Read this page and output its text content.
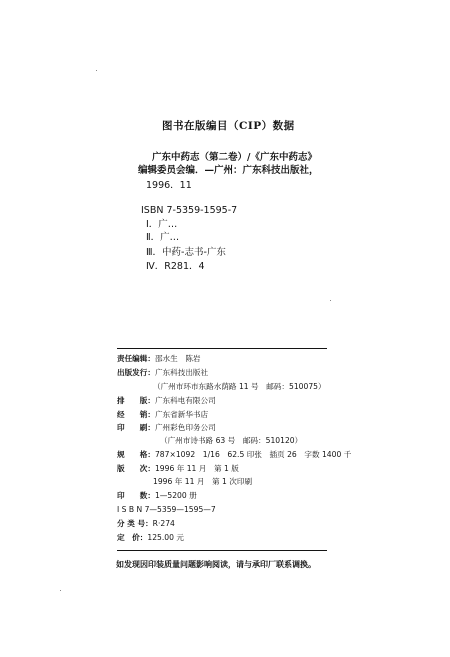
图书在版编目（CIP）数据
广东中药志（第二卷）/《广东中药志》
编辑委员会编．—广州：广东科技出版社，
1996．11
ISBN 7-5359-1595-7
Ⅰ．广…
Ⅱ．广…
Ⅲ．中药-志书-广东
Ⅳ．R281．4
责任编辑：邵水生　陈岩
出版发行：广东科技出版社
（广州市环市东路水荫路 11 号　邮码：510075）
排　　版：广东科电有限公司
经　　销：广东省新华书店
印　　刷：广州彩色印务公司
（广州市诗书路 63 号　邮码：510120）
规　　格：787×1092　1/16　62.5 印张　插页 26　字数 1400 千
版　　次：1996 年 11 月　第 1 版
1996 年 11 月　第 1 次印刷
印　　数：1—5200 册
I S B N 7—5359—1595—7
分 类 号：R·274
定　价：125.00 元
如发现因印装质量问题影响阅读，请与承印厂联系调换。
